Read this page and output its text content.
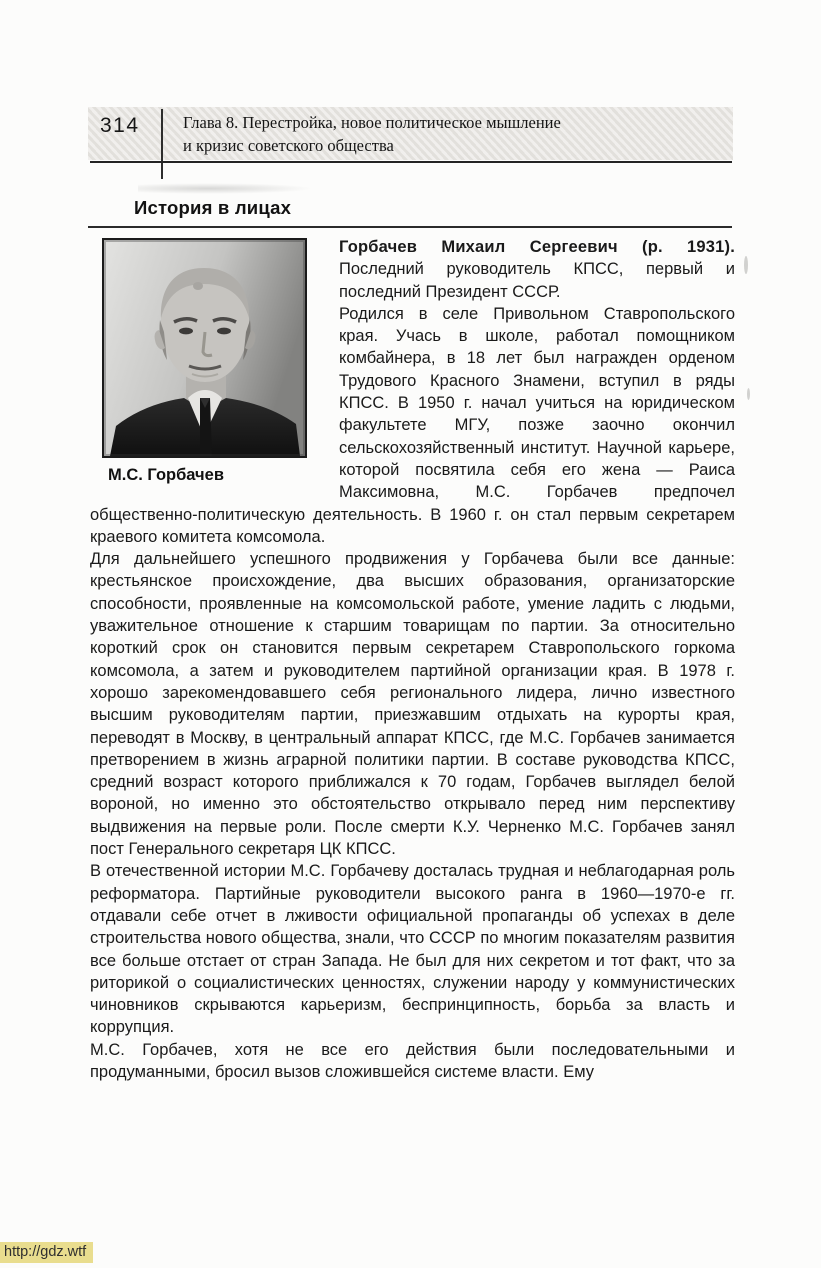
314	Глава 8. Перестройка, новое политическое мышление
и кризис советского общества
История в лицах
М.С. Горбачев

Горбачев Михаил Сергеевич (р. 1931). Последний руководитель КПСС, первый и последний Президент СССР.

Родился в селе Привольном Ставропольского края. Учась в школе, работал помощником комбайнера, в 18 лет был награжден орденом Трудового Красного Знамени, вступил в ряды КПСС. В 1950 г. начал учиться на юридическом факультете МГУ, позже заочно окончил сельскохозяйственный институт. Научной карьере, которой посвятила себя его жена — Раиса Максимовна, М.С. Горбачев предпочел общественно-политическую деятельность. В 1960 г. он стал первым секретарем краевого комитета комсомола.

Для дальнейшего успешного продвижения у Горбачева были все данные: крестьянское происхождение, два высших образования, организаторские способности, проявленные на комсомольской работе, умение ладить с людьми, уважительное отношение к старшим товарищам по партии. За относительно короткий срок он становится первым секретарем Ставропольского горкома комсомола, а затем и руководителем партийной организации края. В 1978 г. хорошо зарекомендовавшего себя регионального лидера, лично известного высшим руководителям партии, приезжавшим отдыхать на курорты края, переводят в Москву, в центральный аппарат КПСС, где М.С. Горбачев занимается претворением в жизнь аграрной политики партии. В составе руководства КПСС, средний возраст которого приближался к 70 годам, Горбачев выглядел белой вороной, но именно это обстоятельство открывало перед ним перспективу выдвижения на первые роли. После смерти К.У. Черненко М.С. Горбачев занял пост Генерального секретаря ЦК КПСС.

В отечественной истории М.С. Горбачеву досталась трудная и неблагодарная роль реформатора. Партийные руководители высокого ранга в 1960—1970-е гг. отдавали себе отчет в лживости официальной пропаганды об успехах в деле строительства нового общества, знали, что СССР по многим показателям развития все больше отстает от стран Запада. Не был для них секретом и тот факт, что за риторикой о социалистических ценностях, служении народу у коммунистических чиновников скрываются карьеризм, беспринципность, борьба за власть и коррупция.

М.С. Горбачев, хотя не все его действия были последовательными и продуманными, бросил вызов сложившейся системе власти. Ему

http://gdz.wtf
